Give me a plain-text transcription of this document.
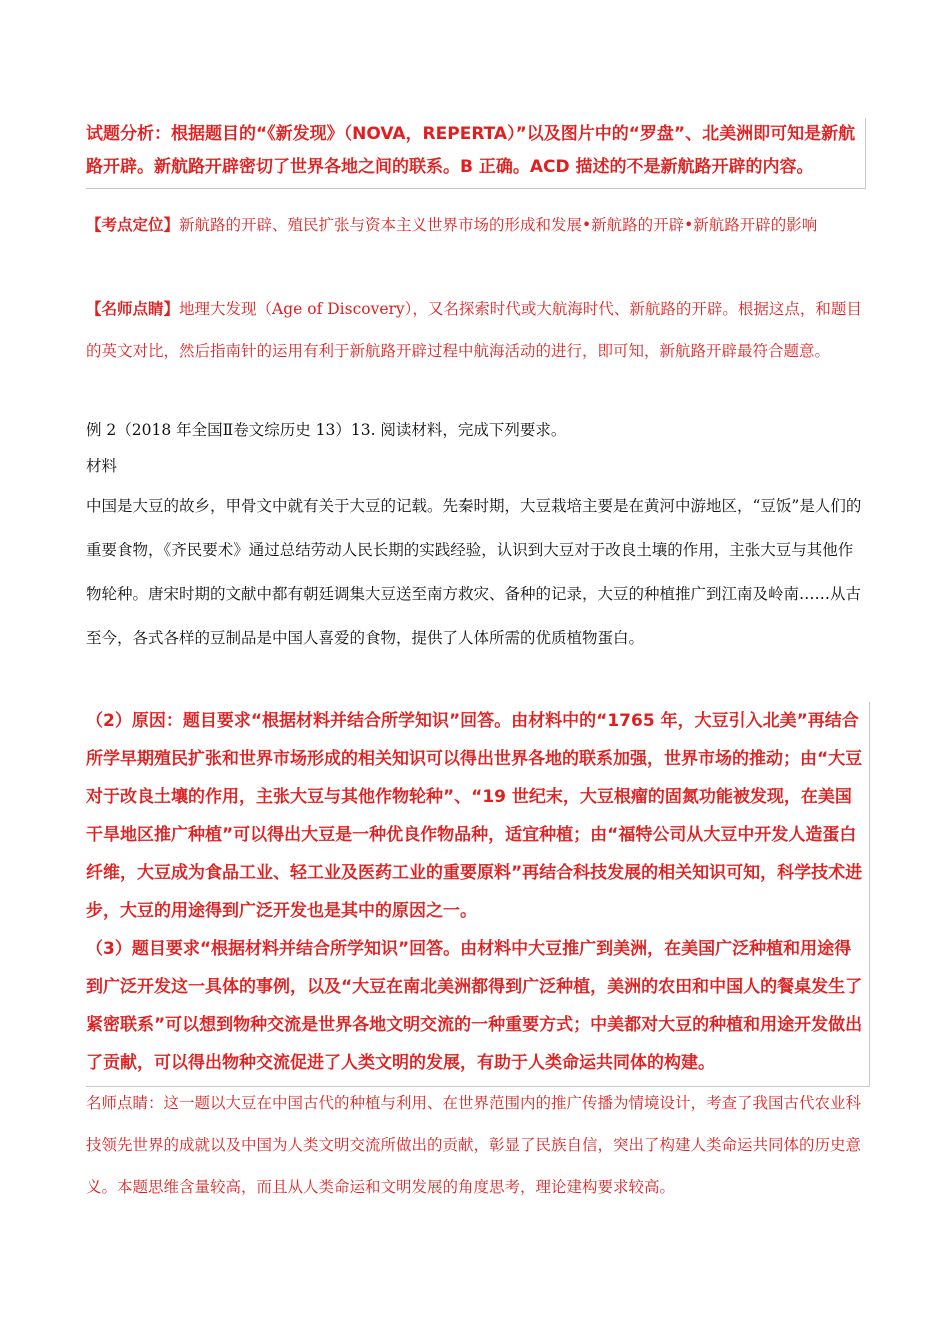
试题分析：根据题目的“《新发现》（NOVA，REPERTA）”以及图片中的“罗盘”、北美洲即可知是新航路开辟。新航路开辟密切了世界各地之间的联系。B 正确。ACD 描述的不是新航路开辟的内容。

【考点定位】新航路的开辟、殖民扩张与资本主义世界市场的形成和发展•新航路的开辟•新航路开辟的影响

【名师点睛】地理大发现（Age of Discovery），又名探索时代或大航海时代、新航路的开辟。根据这点，和题目的英文对比，然后指南针的运用有利于新航路开辟过程中航海活动的进行，即可知，新航路开辟最符合题意。

例 2（2018 年全国Ⅱ卷文综历史 13）13. 阅读材料，完成下列要求。

材料

中国是大豆的故乡，甲骨文中就有关于大豆的记载。先秦时期，大豆栽培主要是在黄河中游地区，“豆饭”是人们的重要食物，《齐民要术》通过总结劳动人民长期的实践经验，认识到大豆对于改良土壤的作用，主张大豆与其他作物轮种。唐宋时期的文献中都有朝廷调集大豆送至南方救灾、备种的记录，大豆的种植推广到江南及岭南……从古至今，各式各样的豆制品是中国人喜爱的食物，提供了人体所需的优质植物蛋白。

（2）原因：题目要求“根据材料并结合所学知识”回答。由材料中的“1765 年，大豆引入北美”再结合所学早期殖民扩张和世界市场形成的相关知识可以得出世界各地的联系加强，世界市场的推动；由“大豆对于改良土壤的作用，主张大豆与其他作物轮种”、“19 世纪末，大豆根瘤的固氮功能被发现，在美国干旱地区推广种植”可以得出大豆是一种优良作物品种，适宜种植；由“福特公司从大豆中开发人造蛋白纤维，大豆成为食品工业、轻工业及医药工业的重要原料”再结合科技发展的相关知识可知，科学技术进步，大豆的用途得到广泛开发也是其中的原因之一。

（3）题目要求“根据材料并结合所学知识”回答。由材料中大豆推广到美洲，在美国广泛种植和用途得到广泛开发这一具体的事例，以及“大豆在南北美洲都得到广泛种植，美洲的农田和中国人的餐桌发生了紧密联系”可以想到物种交流是世界各地文明交流的一种重要方式；中美都对大豆的种植和用途开发做出了贡献，可以得出物种交流促进了人类文明的发展，有助于人类命运共同体的构建。

名师点睛：这一题以大豆在中国古代的种植与利用、在世界范围内的推广传播为情境设计，考查了我国古代农业科技领先世界的成就以及中国为人类文明交流所做出的贡献，彰显了民族自信，突出了构建人类命运共同体的历史意义。本题思维含量较高，而且从人类命运和文明发展的角度思考，理论建构要求较高。
